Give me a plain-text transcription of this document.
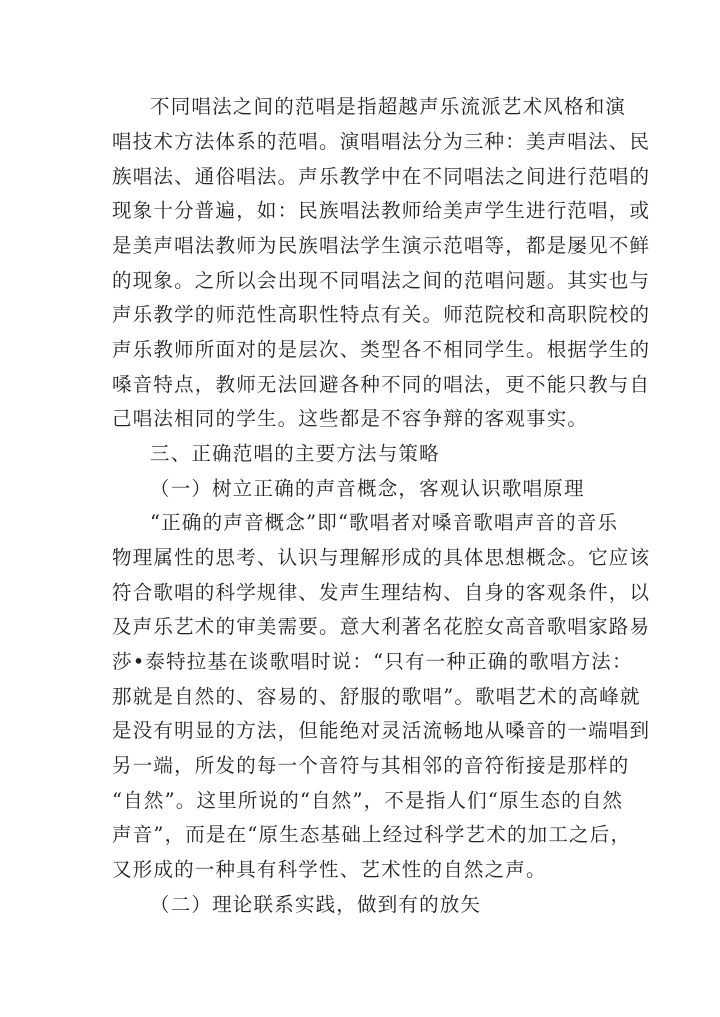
不同唱法之间的范唱是指超越声乐流派艺术风格和演
唱技术方法体系的范唱。演唱唱法分为三种：美声唱法、民
族唱法、通俗唱法。声乐教学中在不同唱法之间进行范唱的
现象十分普遍，如：民族唱法教师给美声学生进行范唱，或
是美声唱法教师为民族唱法学生演示范唱等，都是屡见不鲜
的现象。之所以会出现不同唱法之间的范唱问题。其实也与
声乐教学的师范性高职性特点有关。师范院校和高职院校的
声乐教师所面对的是层次、类型各不相同学生。根据学生的
嗓音特点，教师无法回避各种不同的唱法，更不能只教与自
己唱法相同的学生。这些都是不容争辩的客观事实。
三、正确范唱的主要方法与策略
（一）树立正确的声音概念，客观认识歌唱原理
“正确的声音概念”即“歌唱者对嗓音歌唱声音的音乐
物理属性的思考、认识与理解形成的具体思想概念。它应该
符合歌唱的科学规律、发声生理结构、自身的客观条件，以
及声乐艺术的审美需要。意大利著名花腔女高音歌唱家路易
莎•泰特拉基在谈歌唱时说：“只有一种正确的歌唱方法：
那就是自然的、容易的、舒服的歌唱”。歌唱艺术的高峰就
是没有明显的方法，但能绝对灵活流畅地从嗓音的一端唱到
另一端，所发的每一个音符与其相邻的音符衔接是那样的
“自然”。这里所说的“自然”，不是指人们“原生态的自然
声音”，而是在“原生态基础上经过科学艺术的加工之后，
又形成的一种具有科学性、艺术性的自然之声。
（二）理论联系实践，做到有的放矢
